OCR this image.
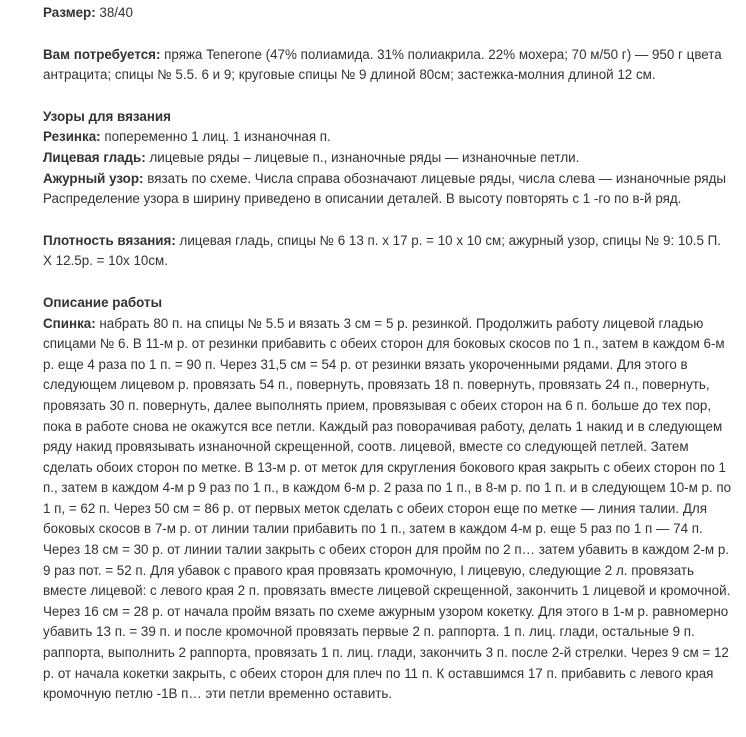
Размер: 38/40

Вам потребуется: пряжа Tenerone (47% полиамида. 31% полиакрила. 22% мохера; 70 м/50 г) — 950 г цвета антрацита; спицы № 5.5. 6 и 9; круговые спицы № 9 длиной 80см; застежка-молния длиной 12 см.

Узоры для вязания

Резинка: попеременно 1 лиц. 1 изнаночная п.

Лицевая гладь: лицевые ряды – лицевые п., изнаночные ряды — изнаночные петли.

Ажурный узор: вязать по схеме. Числа справа обозначают лицевые ряды, числа слева — изнаночные ряды

Распределение узора в ширину приведено в описании деталей. В высоту повторять с 1 -го по в-й ряд.

Плотность вязания: лицевая гладь, спицы № 6 13 п. х 17 р. = 10 х 10 см; ажурный узор, спицы № 9: 10.5 П. Х 12.5р. = 10х 10см.

Описание работы

Спинка: набрать 80 п. на спицы № 5.5 и вязать 3 см = 5 р. резинкой. Продолжить работу лицевой гладью спицами № 6. В 11-м р. от резинки прибавить с обеих сторон для боковых скосов по 1 п., затем в каждом 6-м р. еще 4 раза по 1 п. = 90 п. Через 31,5 см = 54 р. от резинки вязать укороченными рядами. Для этого в следующем лицевом р. провязать 54 п., повернуть, провязать 18 п. повернуть, провязать 24 п., повернуть, провязать 30 п. повернуть, далее выполнять прием, провязывая с обеих сторон на 6 п. больше до тех пор, пока в работе снова не окажутся все петли. Каждый раз поворачивая работу, делать 1 накид и в следующем ряду накид провязывать изнаночной скрещенной, соотв. лицевой, вместе со следующей петлей. Затем сделать обоих сторон по метке. В 13-м р. от меток для скругления бокового края закрыть с обеих сторон по 1 п., затем в каждом 4-м р 9 раз по 1 п., в каждом 6-м р. 2 раза по 1 п., в 8-м р. по 1 п. и в следующем 10-м р. по 1 п, = 62 п. Через 50 см = 86 р. от первых меток сделать с обеих сторон еще по метке — линия талии. Для боковых скосов в 7-м р. от линии талии прибавить по 1 п., затем в каждом 4-м р. еще 5 раз по 1 п — 74 п. Через 18 см = 30 р. от линии талии закрыть с обеих сторон для пройм по 2 п… затем убавить в каждом 2-м р. 9 раз пот. = 52 п. Для убавок с правого края провязать кромочную, I лицевую, следующие 2 л. провязать вместе лицевой: с левого края 2 п. провязать вместе лицевой скрещенной, закончить 1 лицевой и кромочной. Через 16 см = 28 р. от начала пройм вязать по схеме ажурным узором кокетку. Для этого в 1-м р. равномерно убавить 13 п. = 39 п. и после кромочной провязать первые 2 п. раппорта. 1 п. лиц. глади, остальные 9 п. раппорта, выполнить 2 раппорта, провязать 1 п. лиц. глади, закончить 3 п. после 2-й стрелки. Через 9 см = 12 р. от начала кокетки закрыть, с обеих сторон для плеч по 11 п. К оставшимся 17 п. прибавить с левого края кромочную петлю -1В п… эти петли временно оставить.
